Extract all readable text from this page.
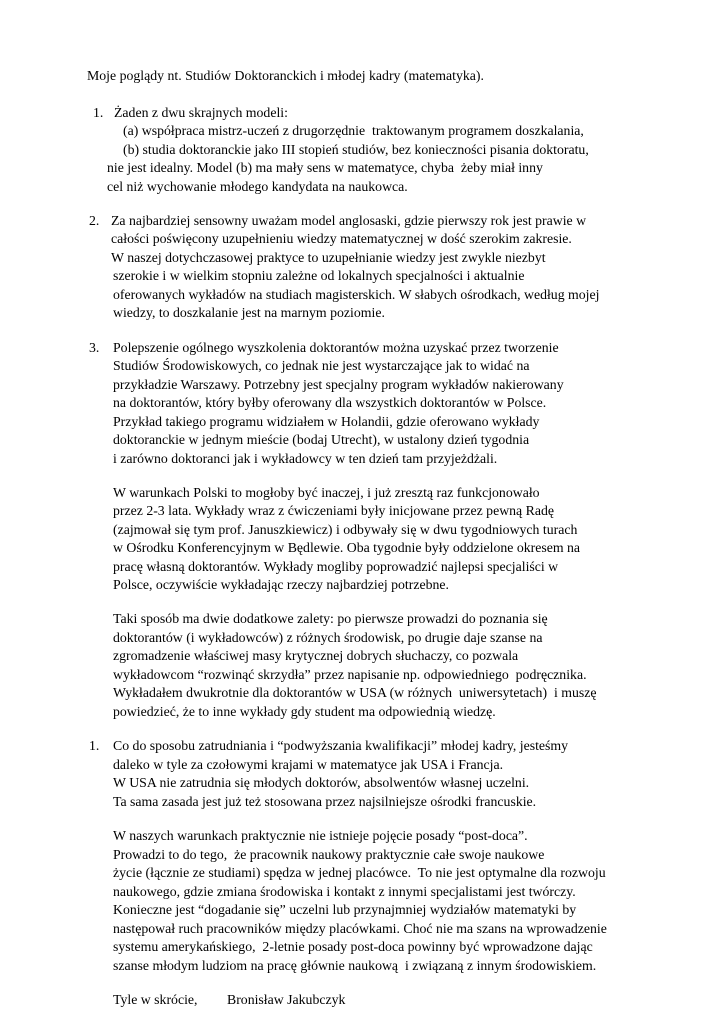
Moje poglądy nt. Studiów Doktoranckich i młodej kadry (matematyka).
1. Żaden z dwu skrajnych modeli:
(a) współpraca mistrz-uczeń z drugorzędnie  traktowanym programem doszkalania,
(b) studia doktoranckie jako III stopień studiów, bez konieczności pisania doktoratu,
nie jest idealny. Model (b) ma mały sens w matematyce, chyba  żeby miał inny
cel niż wychowanie młodego kandydata na naukowca.
2. Za najbardziej sensowny uważam model anglosaski, gdzie pierwszy rok jest prawie w
całości poświęcony uzupełnieniu wiedzy matematycznej w dość szerokim zakresie.
W naszej dotychczasowej praktyce to uzupełnianie wiedzy jest zwykle niezbyt
szerokie i w wielkim stopniu zależne od lokalnych specjalności i aktualnie
oferowanych wykładów na studiach magisterskich. W słabych ośrodkach, według mojej
wiedzy, to doszkalanie jest na marnym poziomie.
3. Polepszenie ogólnego wyszkolenia doktorantów można uzyskać przez tworzenie
Studiów Środowiskowych, co jednak nie jest wystarczające jak to widać na
przykładzie Warszawy. Potrzebny jest specjalny program wykładów nakierowany
na doktorantów, który byłby oferowany dla wszystkich doktorantów w Polsce.
Przykład takiego programu widziałem w Holandii, gdzie oferowano wykłady
doktoranckie w jednym mieście (bodaj Utrecht), w ustalony dzień tygodnia
i zarówno doktoranci jak i wykładowcy w ten dzień tam przyjeżdżali.
W warunkach Polski to mogłoby być inaczej, i już zresztą raz funkcjonowało
przez 2-3 lata. Wykłady wraz z ćwiczeniami były inicjowane przez pewną Radę
(zajmował się tym prof. Januszkiewicz) i odbywały się w dwu tygodniowych turach
w Ośrodku Konferencyjnym w Będlewie. Oba tygodnie były oddzielone okresem na
pracę własną doktorantów. Wykłady mogliby poprowadzić najlepsi specjaliści w
Polsce, oczywiście wykładając rzeczy najbardziej potrzebne.
Taki sposób ma dwie dodatkowe zalety: po pierwsze prowadzi do poznania się
doktorantów (i wykładowców) z różnych środowisk, po drugie daje szanse na
zgromadzenie właściwej masy krytycznej dobrych słuchaczy, co pozwala
wykładowcom “rozwinąć skrzydła” przez napisanie np. odpowiedniego  podręcznika.
Wykładałem dwukrotnie dla doktorantów w USA (w różnych  uniwersytetach)  i muszę
powiedzieć, że to inne wykłady gdy student ma odpowiednią wiedzę.
1. Co do sposobu zatrudniania i “podwyższania kwalifikacji” młodej kadry, jesteśmy
daleko w tyle za czołowymi krajami w matematyce jak USA i Francja.
W USA nie zatrudnia się młodych doktorów, absolwentów własnej uczelni.
Ta sama zasada jest już też stosowana przez najsilniejsze ośrodki francuskie.
W naszych warunkach praktycznie nie istnieje pojęcie posady “post-doca”.
Prowadzi to do tego,  że pracownik naukowy praktycznie całe swoje naukowe
życie (łącznie ze studiami) spędza w jednej placówce.  To nie jest optymalne dla rozwoju
naukowego, gdzie zmiana środowiska i kontakt z innymi specjalistami jest twórczy.
Konieczne jest “dogadanie się” uczelni lub przynajmniej wydziałów matematyki by
następował ruch pracowników między placówkami. Choć nie ma szans na wprowadzenie
systemu amerykańskiego,  2-letnie posady post-doca powinny być wprowadzone dając
szanse młodym ludziom na pracę głównie naukową  i związaną z innym środowiskiem.
Tyle w skrócie, Bronisław Jakubczyk
